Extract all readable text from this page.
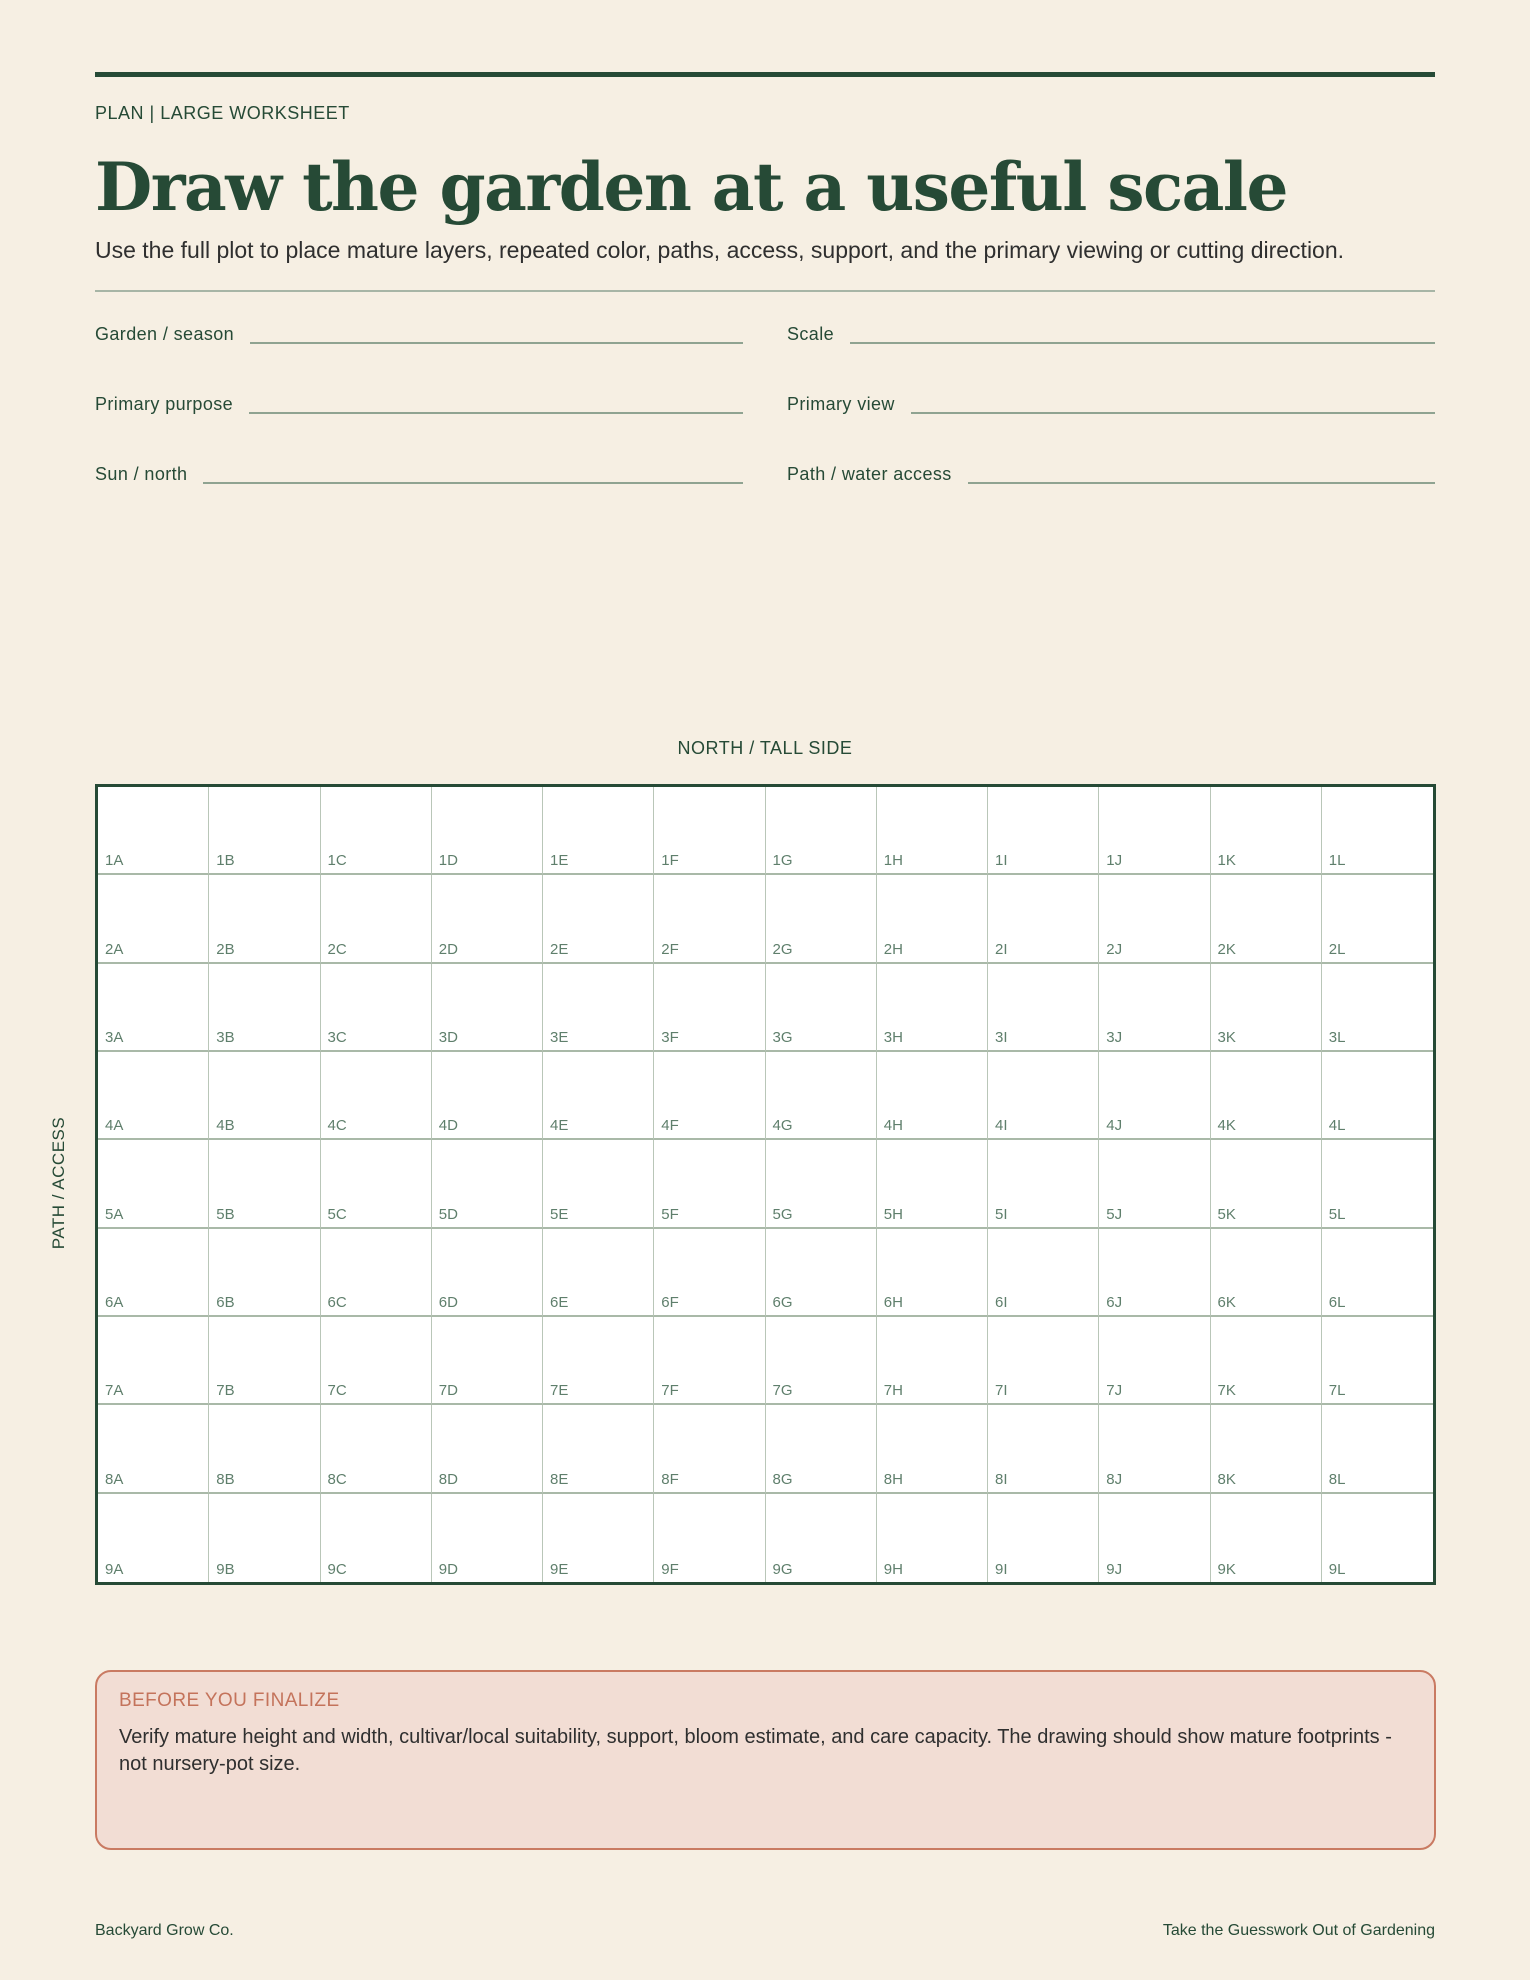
PLAN | LARGE WORKSHEET
Draw the garden at a useful scale
Use the full plot to place mature layers, repeated color, paths, access, support, and the primary viewing or cutting direction.
Garden / season
Primary purpose
Sun / north
Scale
Primary view
Path / water access
NORTH / TALL SIDE
PATH / ACCESS
1A	1B	1C	1D	1E	1F	1G	1H	1I	1J	1K	1L
2A	2B	2C	2D	2E	2F	2G	2H	2I	2J	2K	2L
3A	3B	3C	3D	3E	3F	3G	3H	3I	3J	3K	3L
4A	4B	4C	4D	4E	4F	4G	4H	4I	4J	4K	4L
5A	5B	5C	5D	5E	5F	5G	5H	5I	5J	5K	5L
6A	6B	6C	6D	6E	6F	6G	6H	6I	6J	6K	6L
7A	7B	7C	7D	7E	7F	7G	7H	7I	7J	7K	7L
8A	8B	8C	8D	8E	8F	8G	8H	8I	8J	8K	8L
9A	9B	9C	9D	9E	9F	9G	9H	9I	9J	9K	9L
BEFORE YOU FINALIZE
Verify mature height and width, cultivar/local suitability, support, bloom estimate, and care capacity. The drawing should show mature footprints - not nursery-pot size.
Backyard Grow Co.	Take the Guesswork Out of Gardening
